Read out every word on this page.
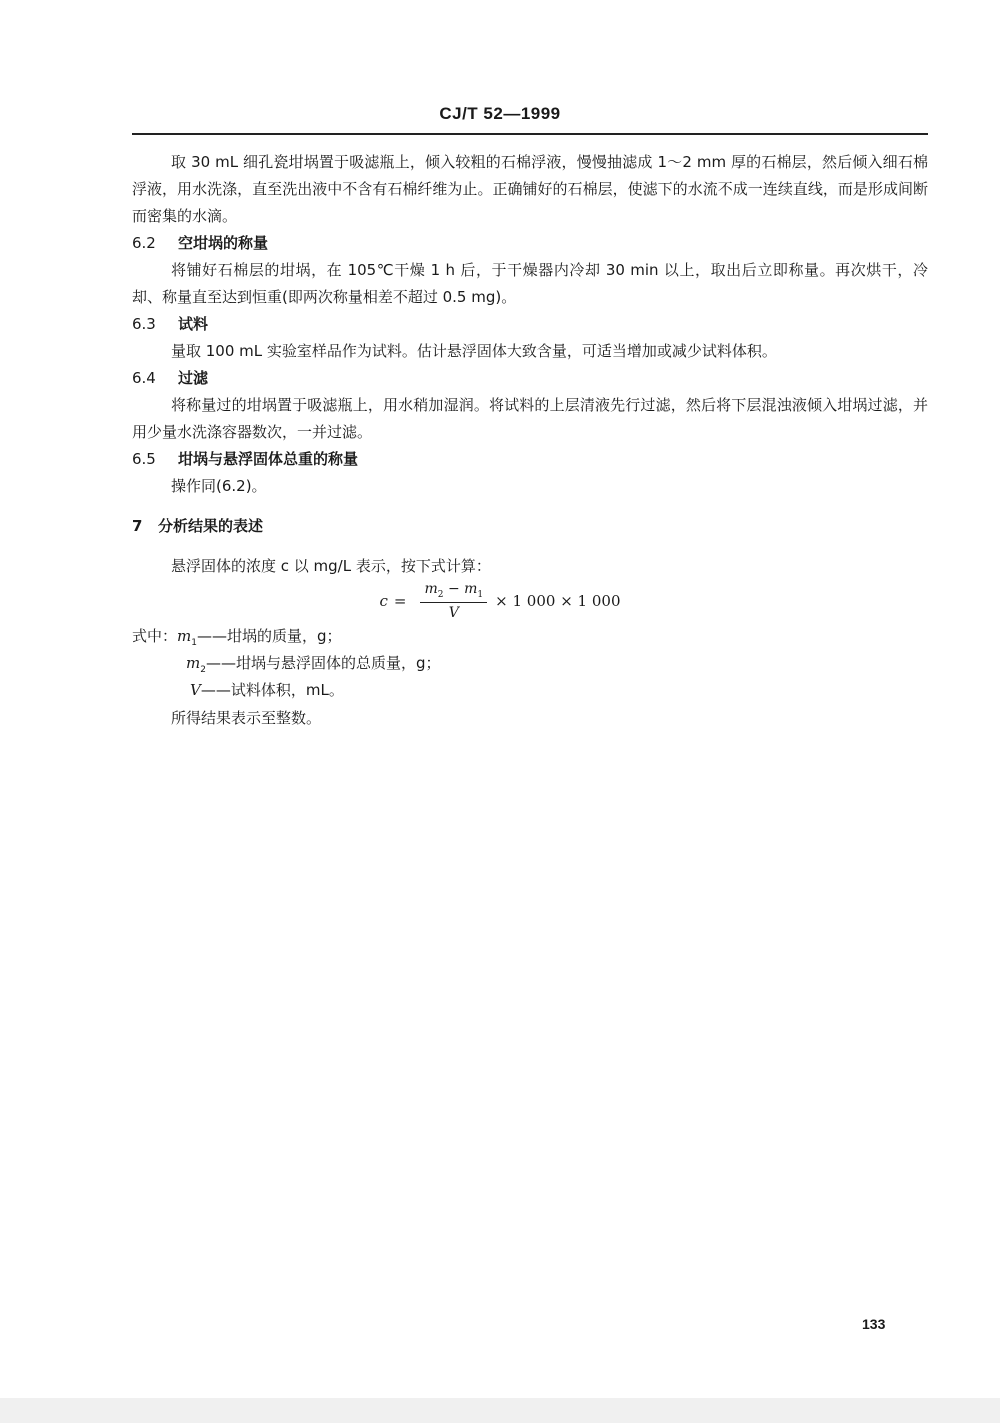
CJ/T 52—1999

取 30 mL 细孔瓷坩埚置于吸滤瓶上，倾入较粗的石棉浮液，慢慢抽滤成 1～2 mm 厚的石棉层，然后倾入细石棉浮液，用水洗涤，直至洗出液中不含有石棉纤维为止。正确铺好的石棉层，使滤下的水流不成一连续直线，而是形成间断而密集的水滴。

6.2 空坩埚的称量

将铺好石棉层的坩埚，在 105℃干燥 1 h 后，于干燥器内冷却 30 min 以上，取出后立即称量。再次烘干，冷却、称量直至达到恒重(即两次称量相差不超过 0.5 mg)。

6.3 试料

量取 100 mL 实验室样品作为试料。估计悬浮固体大致含量，可适当增加或减少试料体积。

6.4 过滤

将称量过的坩埚置于吸滤瓶上，用水稍加湿润。将试料的上层清液先行过滤，然后将下层混浊液倾入坩埚过滤，并用少量水洗涤容器数次，一并过滤。

6.5 坩埚与悬浮固体总重的称量

操作同(6.2)。

7 分析结果的表述

悬浮固体的浓度 c 以 mg/L 表示，按下式计算：

$c = \frac{m_2 - m_1}{V} \times 1$ 000 × 1 000
式中：$m_1——$坩埚的质量，g；
$m_2——$坩埚与悬浮固体的总质量，g；
V——试料体积，mL。

所得结果表示至整数。

133
